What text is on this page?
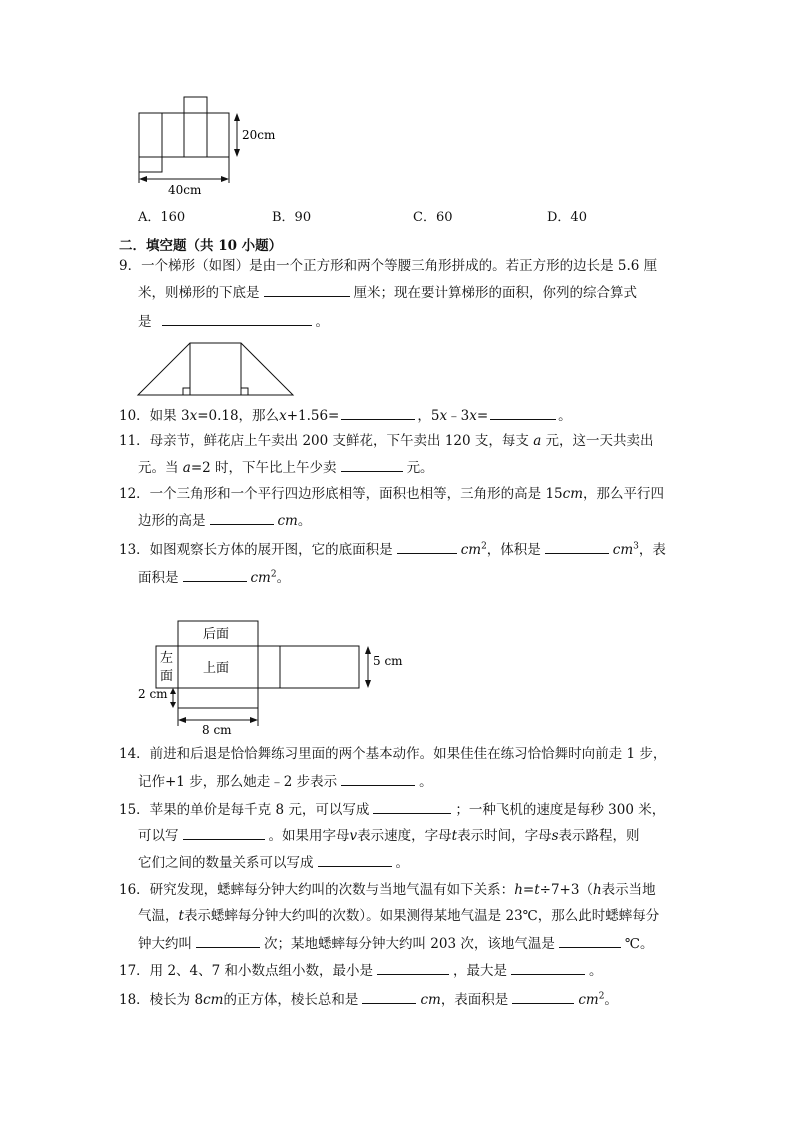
20cm
40cm
A．160	B．90	C．60	D．40
二．填空题（共 10 小题）
9．一个梯形（如图）是由一个正方形和两个等腰三角形拼成的。若正方形的边长是 5.6 厘
米，则梯形的下底是	厘米；现在要计算梯形的面积，你列的综合算式
是	。
10．如果 3x=0.18，那么x+1.56=	，5x﹣3x=	。
11．母亲节，鲜花店上午卖出 200 支鲜花，下午卖出 120 支，每支 a 元，这一天共卖出
元。当 a=2 时，下午比上午少卖	元。
12．一个三角形和一个平行四边形底相等，面积也相等，三角形的高是 15cm，那么平行四
边形的高是	cm。
13．如图观察长方体的展开图，它的底面积是	$cm^2$，体积是	$cm^3$，表
面积是	$cm^2$。
后面
左
面
上面	5 cm
2 cm
8 cm
14．前进和后退是恰恰舞练习里面的两个基本动作。如果佳佳在练习恰恰舞时向前走 1 步，
记作+1 步，那么她走﹣2 步表示	。
15．苹果的单价是每千克 8 元，可以写成	；一种飞机的速度是每秒 300 米，
可以写	。如果用字母v表示速度，字母t表示时间，字母s表示路程，则
它们之间的数量关系可以写成	。
16．研究发现，蟋蟀每分钟大约叫的次数与当地气温有如下关系：h=t÷7+3（h表示当地
气温，t表示蟋蟀每分钟大约叫的次数）。如果测得某地气温是 23℃，那么此时蟋蟀每分
钟大约叫	次；某地蟋蟀每分钟大约叫 203 次，该地气温是	℃。
17．用 2、4、7 和小数点组小数，最小是	，最大是	。
18．棱长为 8cm的正方体，棱长总和是	cm，表面积是	$cm^2$。
